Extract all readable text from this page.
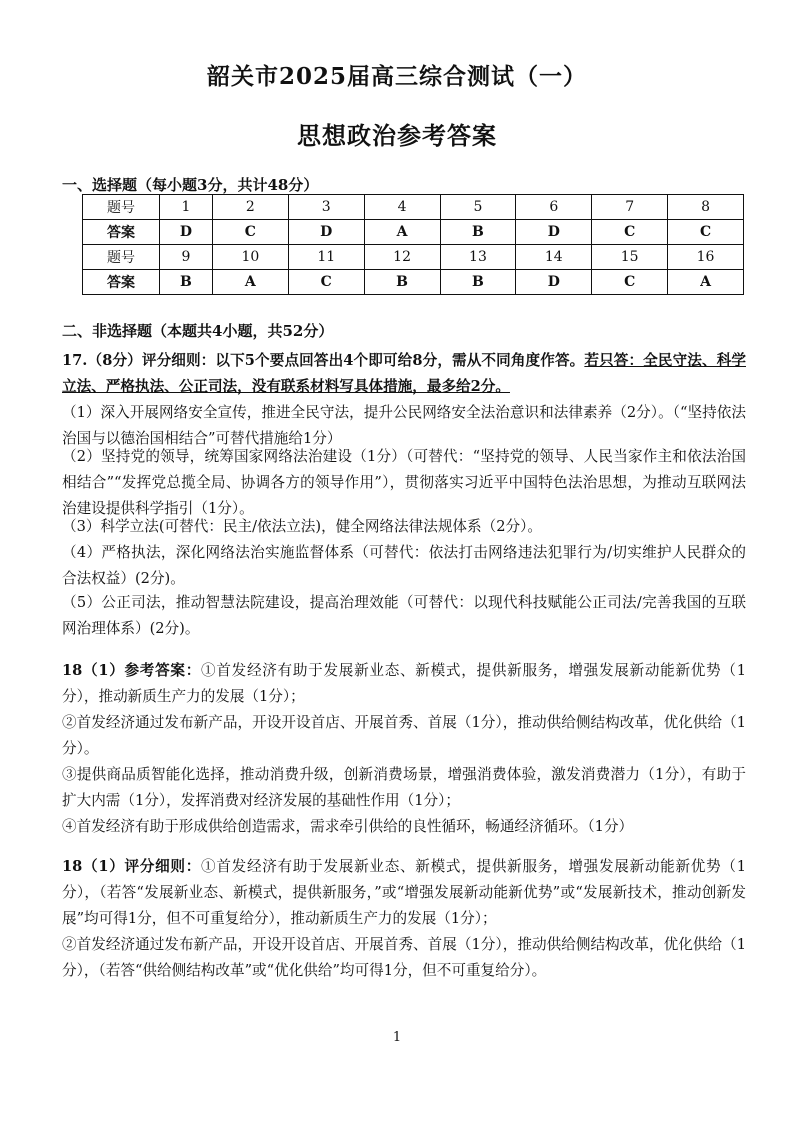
韶关市2025届高三综合测试（一）
思想政治参考答案
一、选择题（每小题3分，共计48分）
题号	1	2	3	4	5	6	7	8
答案	D	C	D	A	B	D	C	C
题号	9	10	11	12	13	14	15	16
答案	B	A	C	B	B	D	C	A
二、非选择题（本题共4小题，共52分）
17.（8分）评分细则：以下5个要点回答出4个即可给8分，需从不同角度作答。若只答：全民守法、科学立法、严格执法、公正司法，没有联系材料写具体措施，最多给2分。
（1）深入开展网络安全宣传，推进全民守法，提升公民网络安全法治意识和法律素养（2分）。（“坚持依法治国与以德治国相结合”可替代措施给1分）
（2）坚持党的领导，统筹国家网络法治建设（1分）（可替代：“坚持党的领导、人民当家作主和依法治国相结合”“发挥党总揽全局、协调各方的领导作用”），贯彻落实习近平中国特色法治思想，为推动互联网法治建设提供科学指引（1分）。
（3）科学立法(可替代：民主/依法立法)，健全网络法律法规体系（2分）。
（4）严格执法，深化网络法治实施监督体系（可替代：依法打击网络违法犯罪行为/切实维护人民群众的合法权益）(2分)。
（5）公正司法，推动智慧法院建设，提高治理效能（可替代：以现代科技赋能公正司法/完善我国的互联网治理体系）(2分)。
18（1）参考答案：①首发经济有助于发展新业态、新模式，提供新服务，增强发展新动能新优势（1分），推动新质生产力的发展（1分）；
②首发经济通过发布新产品，开设开设首店、开展首秀、首展（1分），推动供给侧结构改革，优化供给（1分）。
③提供商品质智能化选择，推动消费升级，创新消费场景，增强消费体验，激发消费潜力（1分），有助于扩大内需（1分），发挥消费对经济发展的基础性作用（1分）；
④首发经济有助于形成供给创造需求，需求牵引供给的良性循环，畅通经济循环。（1分）
18（1）评分细则：①首发经济有助于发展新业态、新模式，提供新服务，增强发展新动能新优势（1分），（若答“发展新业态、新模式，提供新服务，”或“增强发展新动能新优势”或“发展新技术，推动创新发展”均可得1分，但不可重复给分），推动新质生产力的发展（1分）；
②首发经济通过发布新产品，开设开设首店、开展首秀、首展（1分），推动供给侧结构改革，优化供给（1分），（若答“供给侧结构改革”或“优化供给”均可得1分，但不可重复给分）。
1
